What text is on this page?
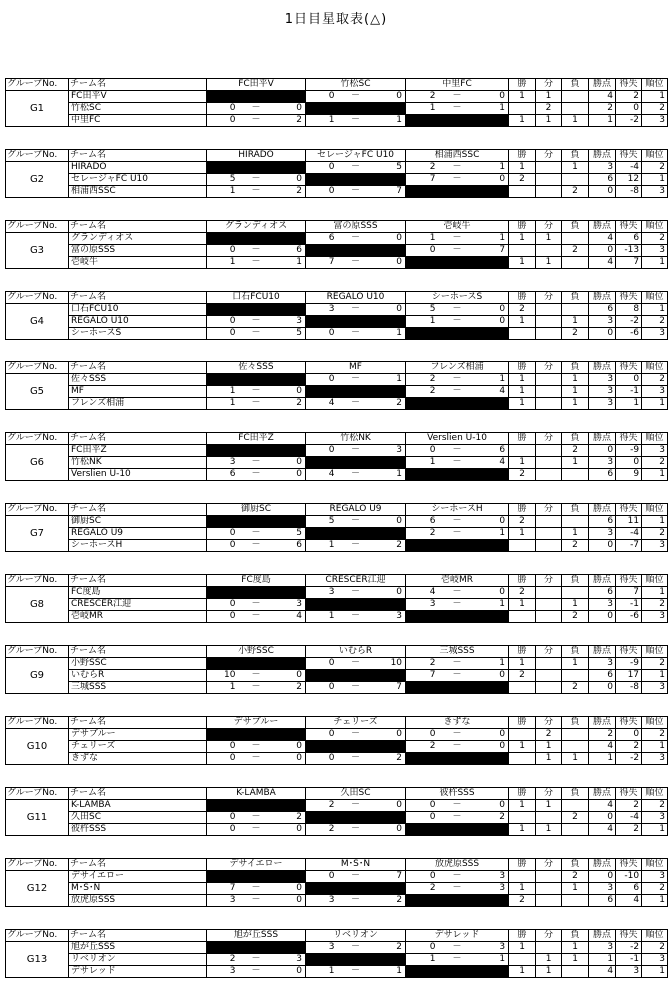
1日目星取表(△)
グループNo.	チーム名	FC田平V			竹松SC			中里FC			勝	分	負	勝点	得失	順位
G1	FC田平V				0	－	0	2	－	0	1	1		4	2	1
	竹松SC	0	－	0				1	－	1		2		2	0	2
	中里FC	0	－	2	1	－	1				1	1	1	1	-2	3
グループNo.	チーム名	HIRADO			セレージャFC U10			相浦西SSC			勝	分	負	勝点	得失	順位
G2	HIRADO				0	－	5	2	－	1	1		1	3	-4	2
	セレージャFC U10	5	－	0				7	－	0	2			6	12	1
	相浦西SSC	1	－	2	0	－	7						2	0	-8	3
グループNo.	チーム名	グランディオス			富の原SSS			壱岐牛			勝	分	負	勝点	得失	順位
G3	グランディオス				6	－	0	1	－	1	1	1		4	6	2
	富の原SSS	0	－	6				0	－	7			2	0	-13	3
	壱岐牛	1	－	1	7	－	0				1	1		4	7	1
グループNo.	チーム名	口石FCU10			REGALO U10			シーホースS			勝	分	負	勝点	得失	順位
G4	口石FCU10				3	－	0	5	－	0	2			6	8	1
	REGALO U10	0	－	3				1	－	0	1		1	3	-2	2
	シーホースS	0	－	5	0	－	1						2	0	-6	3
グループNo.	チーム名	佐々SSS			MF			フレンズ相浦			勝	分	負	勝点	得失	順位
G5	佐々SSS				0	－	1	2	－	1	1		1	3	0	2
	MF	1	－	0				2	－	4	1		1	3	-1	3
	フレンズ相浦	1	－	2	4	－	2				1		1	3	1	1
グループNo.	チーム名	FC田平Z			竹松NK			Verslien U-10			勝	分	負	勝点	得失	順位
G6	FC田平Z				0	－	3	0	－	6			2	0	-9	3
	竹松NK	3	－	0				1	－	4	1		1	3	0	2
	Verslien U-10	6	－	0	4	－	1				2			6	9	1
グループNo.	チーム名	御厨SC			REGALO U9			シーホースH			勝	分	負	勝点	得失	順位
G7	御厨SC				5	－	0	6	－	0	2			6	11	1
	REGALO U9	0	－	5				2	－	1	1		1	3	-4	2
	シーホースH	0	－	6	1	－	2						2	0	-7	3
グループNo.	チーム名	FC度島			CRESCER江迎			壱岐MR			勝	分	負	勝点	得失	順位
G8	FC度島				3	－	0	4	－	0	2			6	7	1
	CRESCER江迎	0	－	3				3	－	1	1		1	3	-1	2
	壱岐MR	0	－	4	1	－	3						2	0	-6	3
グループNo.	チーム名	小野SSC			いむらR			三城SSS			勝	分	負	勝点	得失	順位
G9	小野SSC				0	－	10	2	－	1	1		1	3	-9	2
	いむらR	10	－	0				7	－	0	2			6	17	1
	三城SSS	1	－	2	0	－	7						2	0	-8	3
グループNo.	チーム名	デサブルー			チェリーズ			きずな			勝	分	負	勝点	得失	順位
G10	デサブルー				0	－	0	0	－	0		2		2	0	2
	チェリーズ	0	－	0				2	－	0	1	1		4	2	1
	きずな	0	－	0	0	－	2					1	1	1	-2	3
グループNo.	チーム名	K-LAMBA			久田SC			彼杵SSS			勝	分	負	勝点	得失	順位
G11	K-LAMBA				2	－	0	0	－	0	1	1		4	2	2
	久田SC	0	－	2				0	－	2			2	0	-4	3
	彼杵SSS	0	－	0	2	－	0				1	1		4	2	1
グループNo.	チーム名	デサイエロー			M･S･N			放虎原SSS			勝	分	負	勝点	得失	順位
G12	デサイエロー				0	－	7	0	－	3			2	0	-10	3
	M･S･N	7	－	0				2	－	3	1		1	3	6	2
	放虎原SSS	3	－	0	3	－	2				2			6	4	1
グループNo.	チーム名	旭が丘SSS			リベリオン			デサレッド			勝	分	負	勝点	得失	順位
G13	旭が丘SSS				3	－	2	0	－	3	1		1	3	-2	2
	リベリオン	2	－	3				1	－	1		1	1	1	-1	3
	デサレッド	3	－	0	1	－	1				1	1		4	3	1
